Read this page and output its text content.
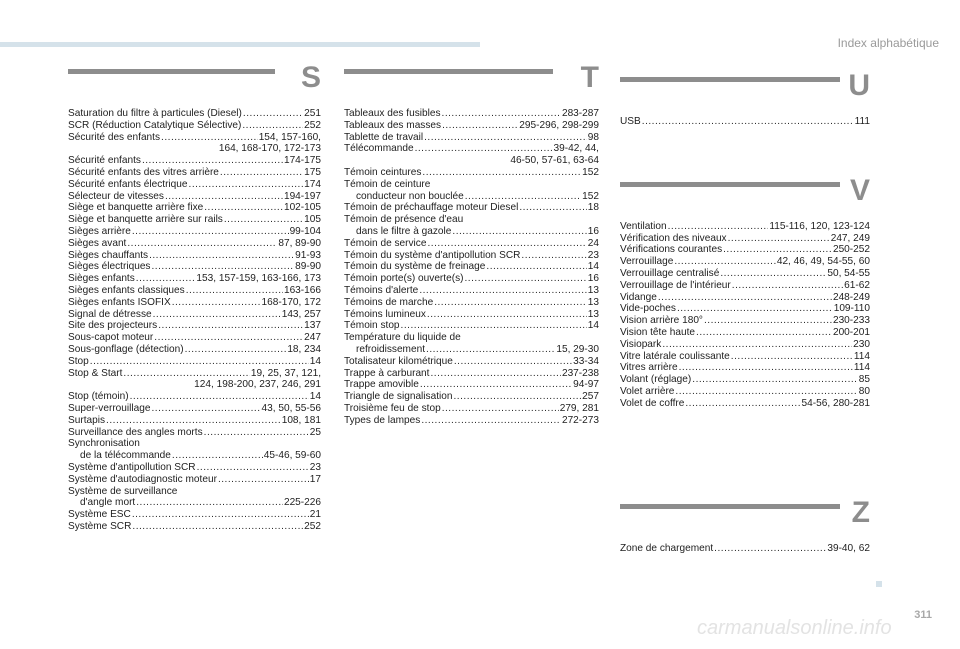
Index alphabétique
S
Saturation du filtre à particules (Diesel) .....	251
SCR (Réduction Catalytique Sélective) .....	252
Sécurité des enfants .....	154, 157-160,
164, 168-170, 172-173
Sécurité enfants .....	174-175
Sécurité enfants des vitres arrière .....	175
Sécurité enfants électrique .....	174
Sélecteur de vitesses .....	194-197
Siège et banquette arrière fixe .....	102-105
Siège et banquette arrière sur rails .....	105
Sièges arrière .....	99-104
Sièges avant .....	87, 89-90
Sièges chauffants .....	91-93
Sièges électriques .....	89-90
Sièges enfants .....	153, 157-159, 163-166, 173
Sièges enfants classiques .....	163-166
Sièges enfants ISOFIX .....	168-170, 172
Signal de détresse .....	143, 257
Site des projecteurs .....	137
Sous-capot moteur .....	247
Sous-gonflage (détection) .....	18, 234
Stop .....	14
Stop & Start .....	19, 25, 37, 121,
124, 198-200, 237, 246, 291
Stop (témoin) .....	14
Super-verrouillage .....	43, 50, 55-56
Surtapis .....	108, 181
Surveillance des angles morts .....	25
Synchronisation
de la télécommande .....	45-46, 59-60
Système d'antipollution SCR .....	23
Système d'autodiagnostic moteur .....	17
Système de surveillance
d'angle mort .....	225-226
Système ESC .....	21
Système SCR .....	252
T
Tableaux des fusibles .....	283-287
Tableaux des masses .....	295-296, 298-299
Tablette de travail .....	98
Télécommande .....	39-42, 44,
46-50, 57-61, 63-64
Témoin ceintures .....	152
Témoin de ceinture
conducteur non bouclée .....	152
Témoin de préchauffage moteur Diesel .....	18
Témoin de présence d'eau
dans le filtre à gazole .....	16
Témoin de service .....	24
Témoin du système d'antipollution SCR .....	23
Témoin du système de freinage .....	14
Témoin porte(s) ouverte(s) .....	16
Témoins d'alerte .....	13
Témoins de marche .....	13
Témoins lumineux .....	13
Témoin stop .....	14
Température du liquide de
refroidissement .....	15, 29-30
Totalisateur kilométrique .....	33-34
Trappe à carburant .....	237-238
Trappe amovible .....	94-97
Triangle de signalisation .....	257
Troisième feu de stop .....	279, 281
Types de lampes .....	272-273
U
USB .....	111
V
Ventilation .....	115-116, 120, 123-124
Vérification des niveaux .....	247, 249
Vérifications courantes .....	250-252
Verrouillage .....	42, 46, 49, 54-55, 60
Verrouillage centralisé .....	50, 54-55
Verrouillage de l'intérieur .....	61-62
Vidange .....	248-249
Vide-poches .....	109-110
Vision arrière 180° .....	230-233
Vision tête haute .....	200-201
Visiopark .....	230
Vitre latérale coulissante .....	114
Vitres arrière .....	114
Volant (réglage) .....	85
Volet arrière .....	80
Volet de coffre .....	54-56, 280-281
Z
Zone de chargement .....	39-40, 62
311
carmanualsonline.info
